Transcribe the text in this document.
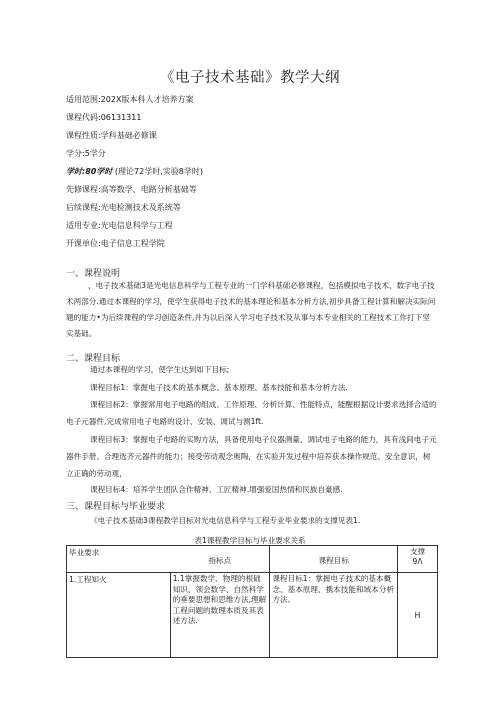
《电子技术基础》教学大纲
适用范围:202X版本科人才培养方案
课程代码:06131311
课程性质:学科基础必修课
学分:5学分
学时:80学时 (理论72学时,实验8学时)
先修课程:高等数学、电路分析基础等
后续课程:光电检测技术及系统等
适用专业:光电信息科学与工程
开课单位:电子信息工程学院
一、课程说明
，电子技术基础3是光电信息科学与工程专业的一门学科基础必修课程，包括模拟电子技术、数字电子技术两部分.通过本课程的学习，使学生获得电子技术的基本理论和基本分析方法,初步具备工程计算和解决实际问题的能力•为后续课程的学习创造条件,并为以后深入学习电子技术及从事与本专业相关的工程技术工作打下坚实基础。
二、课程目标
通过本课程的学习，使学生达到如下目标;
课程目标1：掌握电子技术的基本概念、基本原理、基本技能和基本分析方法.
课程目标2：掌握常用电子电路的组成、工作原理、分析计算、性能特点，能醒根据设计要求选择合适的电子元器件,完成常用电子电路的设计、安装、调试与测1ft.
课程目标3：掌握电子电路的实购方法，具备使用电子仪器测量、调试电子电路的能力，具有浅间电子元器件手册、合理选齐元器件的能力；接受劳动观念奥陶，在实验开发过程中培养获本操作规范、安全意识，树立正确的劳动观，
课程目标4：培养学生团队合作精神、工匠精神.增强爱国热情和民族自豪感.
三、课程目标与毕业要求
《电子技术基础3课程教学目标对光电信息科学与工程专业毕业要求的支撑见表1.
表1课程教学目标与毕业要求关系
毕业要求	指标点	课程目标	支撑
9Λ

1.工程知火	1.1掌握数学、物理的根础知识，领会数学、自然科学的垂要思想和思维方法,理解工程问题的数理本质及其表述方法.	课程目标1：掌握电子技术的基本概念、基本原理、携本技能和域本分析方法。	H
